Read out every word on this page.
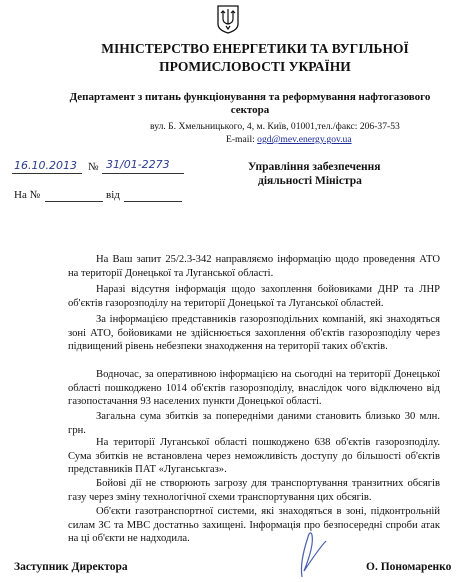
МІНІСТЕРСТВО ЕНЕРГЕТИКИ ТА ВУГІЛЬНОЇ
ПРОМИСЛОВОСТІ УКРАЇНИ
Департамент з питань функціонування та реформування нафтогазового
сектора
вул. Б. Хмельницького, 4, м. Київ, 01001,тел./факс: 206-37-53
E-mail: ogd@mev.energy.gov.ua
16.10.2013 № 31/01-2273
На №	від
Управління забезпечення
діяльності Міністра
На Ваш запит 25/2.3-342 направляємо інформацію щодо проведення АТО на території Донецької та Луганської області.
Наразі відсутня інформація щодо захоплення бойовиками ДНР та ЛНР об'єктів газорозподілу на території Донецької та Луганської областей.
За інформацією представників газорозподільних компаній, які знаходяться зоні АТО, бойовиками не здійснюється захоплення об'єктів газорозподілу через підвищений рівень небезпеки знаходження на території таких об'єктів.
Водночас, за оперативною інформацією на сьогодні на території Донецької області пошкоджено 1014 об'єктів газорозподілу, внаслідок чого відключено від газопостачання 93 населених пункти Донецької області.
Загальна сума збитків за попередніми даними становить близько 30 млн. грн.
На території Луганської області пошкоджено 638 об'єктів газорозподілу. Сума збитків не встановлена через неможливість доступу до більшості об'єктів представників ПАТ «Луганськгаз».
Бойові дії не створюють загрозу для транспортування транзитних обсягів газу через зміну технологічної схеми транспортування цих обсягів.
Об'єкти газотранспортної системи, які знаходяться в зоні, підконтрольній силам ЗС та МВС достатньо захищені. Інформація про безпосередні спроби атак на ці об'єкти не надходила.
Заступник Директора	О. Пономаренко
